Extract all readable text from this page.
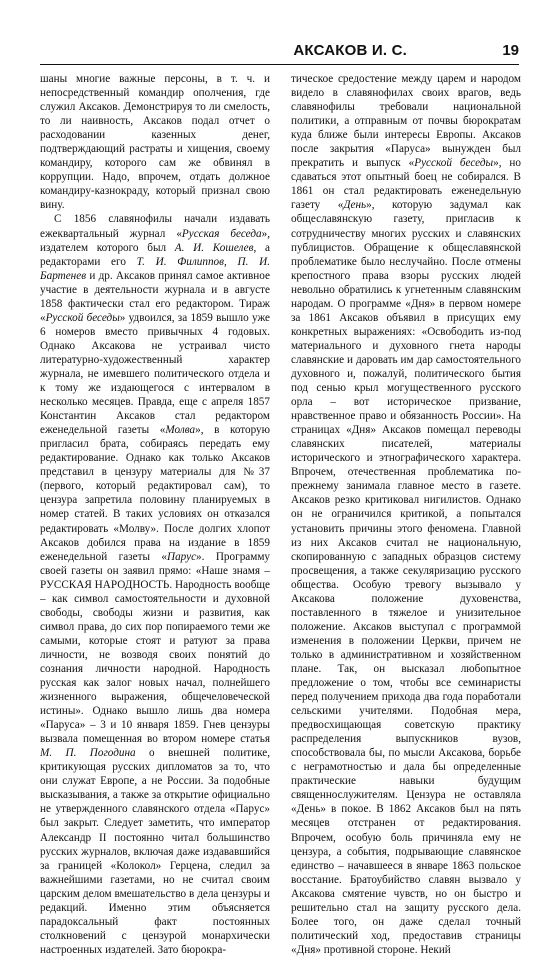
АКСАКОВ И. С.	19

шаны многие важные персоны, в т. ч. и непосредственный командир ополчения, где служил Аксаков. Демонстрируя то ли смелость, то ли наивность, Аксаков подал отчет о расходовании казенных денег, подтверждающий растраты и хищения, своему командиру, которого сам же обвинял в коррупции. Надо, впрочем, отдать должное командиру-казнокраду, который признал свою вину.

С 1856 славянофилы начали издавать ежеквартальный журнал «Русская беседа», издателем которого был А. И. Кошелев, а редакторами его Т. И. Филиппов, П. И. Бартенев и др. Аксаков принял самое активное участие в деятельности журнала и в августе 1858 фактически стал его редактором. Тираж «Русской беседы» удвоился, за 1859 вышло уже 6 номеров вместо привычных 4 годовых. Однако Аксакова не устраивал чисто литературно-художественный характер журнала, не имевшего политического отдела и к тому же издающегося с интервалом в несколько месяцев. Правда, еще с апреля 1857 Константин Аксаков стал редактором еженедельной газеты «Молва», в которую пригласил брата, собираясь передать ему редактирование. Однако как только Аксаков представил в цензуру материалы для №37 (первого, который редактировал сам), то цензура запретила половину планируемых в номер статей. В таких условиях он отказался редактировать «Молву». После долгих хлопот Аксаков добился права на издание в 1859 еженедельной газеты «Парус». Программу своей газеты он заявил прямо: «Наше знамя – РУССКАЯ НАРОДНОСТЬ. Народность вообще – как символ самостоятельности и духовной свободы, свободы жизни и развития, как символ права, до сих пор попираемого теми же самыми, которые стоят и ратуют за права личности, не возводя своих понятий до сознания личности народной. Народность русская как залог новых начал, полнейшего жизненного выражения, общечеловеческой истины». Однако вышло лишь два номера «Паруса» – 3 и 10 января 1859. Гнев цензуры вызвала помещенная во втором номере статья М. П. Погодина о внешней политике, критикующая русских дипломатов за то, что они служат Европе, а не России. За подобные высказывания, а также за открытие официально не утвержденного славянского отдела «Парус» был закрыт. Следует заметить, что император Александр II постоянно читал большинство русских журналов, включая даже издававшийся за границей «Колокол» Герцена, следил за важнейшими газетами, но не считал своим царским делом вмешательство в дела цензуры и редакций. Именно этим объясняется парадоксальный факт постоянных столкновений с цензурой монархически настроенных издателей. Зато бюрокра-

тическое средостение между царем и народом видело в славянофилах своих врагов, ведь славянофилы требовали национальной политики, а отправным от почвы бюрократам куда ближе были интересы Европы. Аксаков после закрытия «Паруса» вынужден был прекратить и выпуск «Русской беседы», но сдаваться этот опытный боец не собирался. В 1861 он стал редактировать еженедельную газету «День», которую задумал как общеславянскую газету, пригласив к сотрудничеству многих русских и славянских публицистов. Обращение к общеславянской проблематике было неслучайно. После отмены крепостного права взоры русских людей невольно обратились к угнетенным славянским народам. О программе «Дня» в первом номере за 1861 Аксаков объявил в присущих ему конкретных выражениях: «Освободить из-под материального и духовного гнета народы славянские и даровать им дар самостоятельного духовного и, пожалуй, политического бытия под сенью крыл могущественного русского орла – вот историческое призвание, нравственное право и обязанность России». На страницах «Дня» Аксаков помещал переводы славянских писателей, материалы исторического и этнографического характера. Впрочем, отечественная проблематика по-прежнему занимала главное место в газете. Аксаков резко критиковал нигилистов. Однако он не ограничился критикой, а попытался установить причины этого феномена. Главной из них Аксаков считал не национальную, скопированную с западных образцов систему просвещения, а также секуляризацию русского общества. Особую тревогу вызывало у Аксакова положение духовенства, поставленного в тяжелое и унизительное положение. Аксаков выступал с программой изменения в положении Церкви, причем не только в административном и хозяйственном плане. Так, он высказал любопытное предложение о том, чтобы все семинаристы перед получением прихода два года поработали сельскими учителями. Подобная мера, предвосхищающая советскую практику распределения выпускников вузов, способствовала бы, по мысли Аксакова, борьбе с неграмотностью и дала бы определенные практические навыки будущим священнослужителям. Цензура не оставляла «День» в покое. В 1862 Аксаков был на пять месяцев отстранен от редактирования. Впрочем, особую боль причиняла ему не цензура, а события, подрывающие славянское единство – начавшееся в январе 1863 польское восстание. Братоубийство славян вызвало у Аксакова смятение чувств, но он быстро и решительно стал на защиту русского дела. Более того, он даже сделал точный политический ход, предоставив страницы «Дня» противной стороне. Некий
